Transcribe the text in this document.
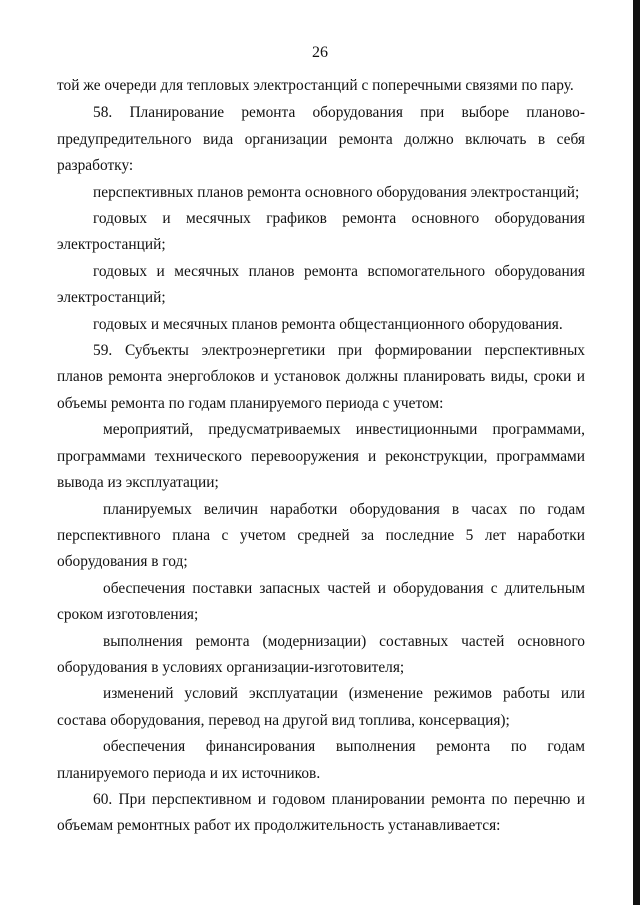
26

той же очереди для тепловых электростанций с поперечными связями по пару.

58. Планирование ремонта оборудования при выборе планово-предупредительного вида организации ремонта должно включать в себя разработку:

перспективных планов ремонта основного оборудования электростанций;

годовых и месячных графиков ремонта основного оборудования электростанций;

годовых и месячных планов ремонта вспомогательного оборудования электростанций;

годовых и месячных планов ремонта общестанционного оборудования.

59. Субъекты электроэнергетики при формировании перспективных планов ремонта энергоблоков и установок должны планировать виды, сроки и объемы ремонта по годам планируемого периода с учетом:

мероприятий, предусматриваемых инвестиционными программами, программами технического перевооружения и реконструкции, программами вывода из эксплуатации;

планируемых величин наработки оборудования в часах по годам перспективного плана с учетом средней за последние 5 лет наработки оборудования в год;

обеспечения поставки запасных частей и оборудования с длительным сроком изготовления;

выполнения ремонта (модернизации) составных частей основного оборудования в условиях организации-изготовителя;

изменений условий эксплуатации (изменение режимов работы или состава оборудования, перевод на другой вид топлива, консервация);

обеспечения финансирования выполнения ремонта по годам планируемого периода и их источников.

60. При перспективном и годовом планировании ремонта по перечню и объемам ремонтных работ их продолжительность устанавливается:
